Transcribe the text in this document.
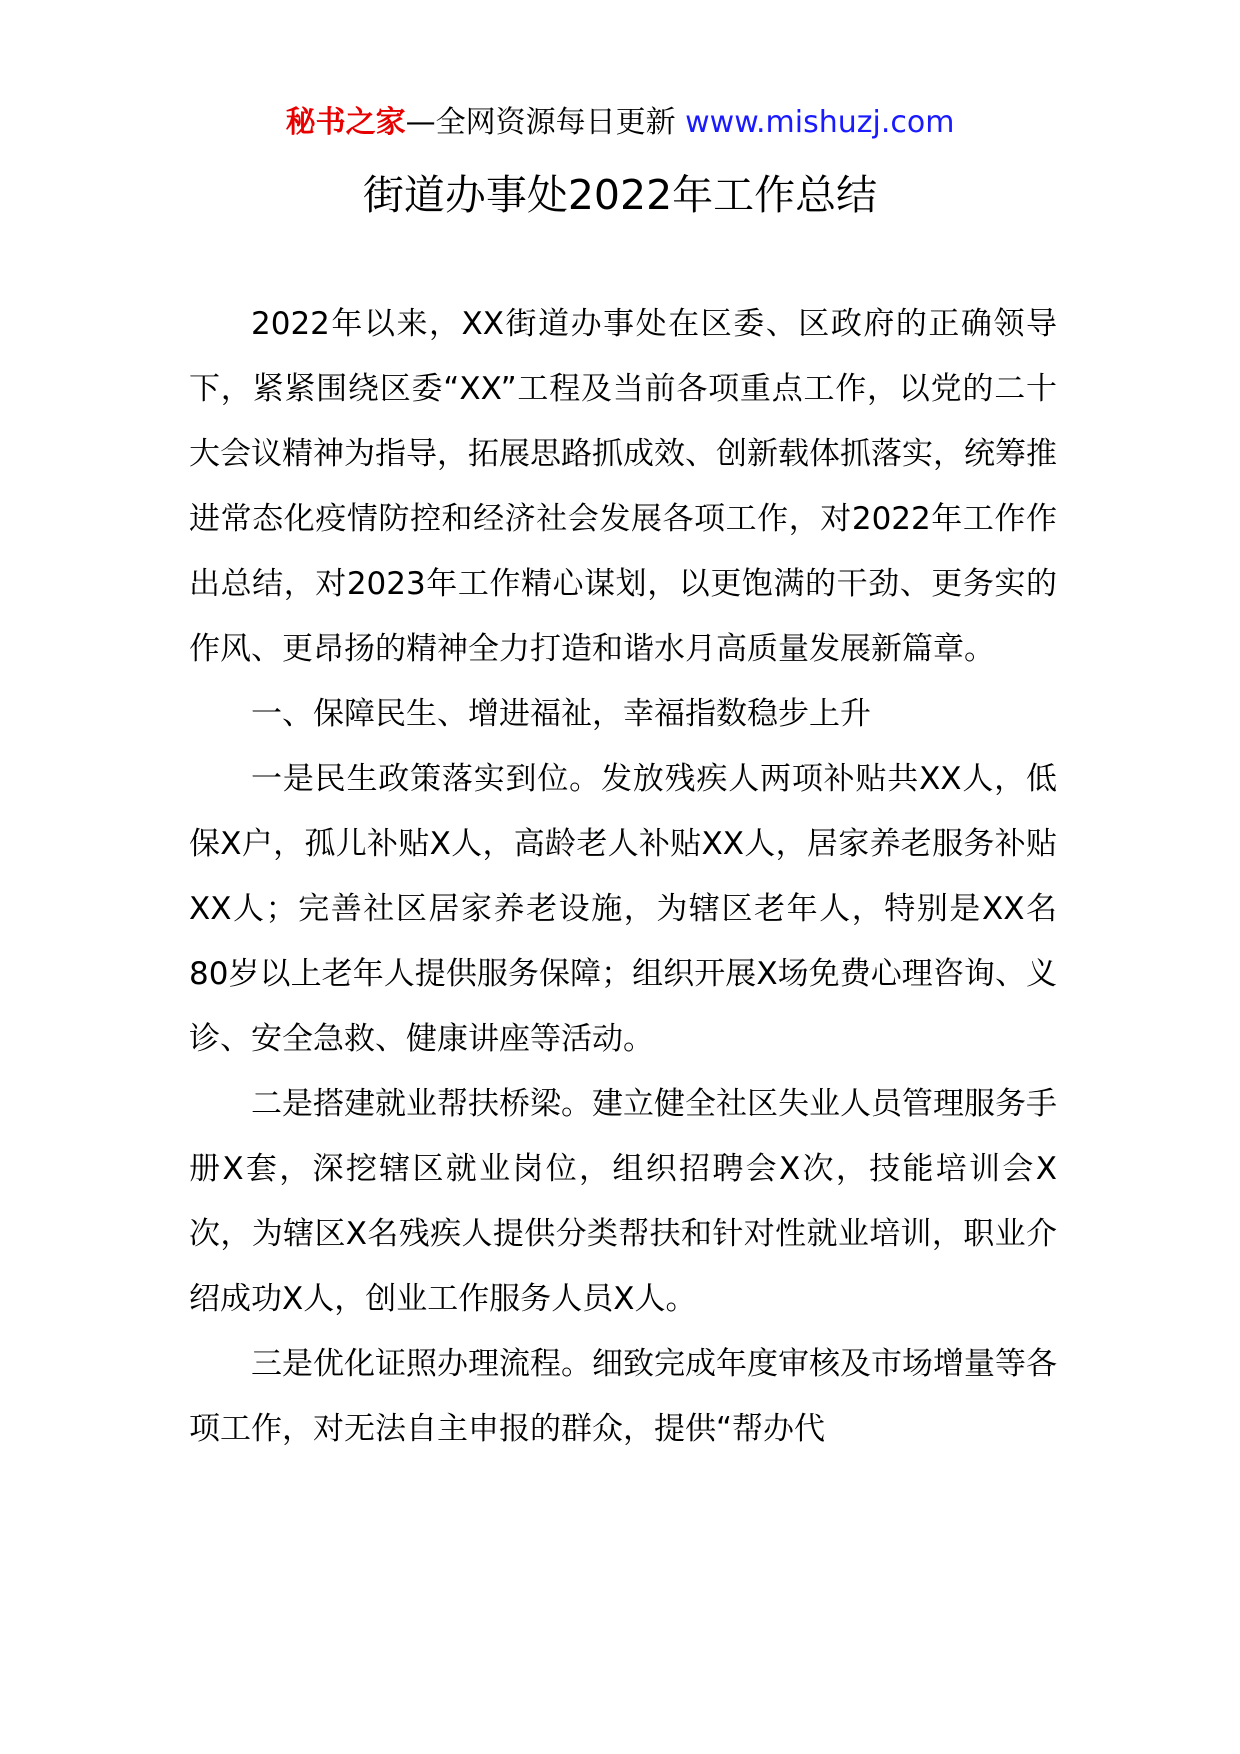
秘书之家—全网资源每日更新 www.mishuzj.com
街道办事处2022年工作总结

2022年以来，XX街道办事处在区委、区政府的正确领导下，紧紧围绕区委“XX”工程及当前各项重点工作，以党的二十大会议精神为指导，拓展思路抓成效、创新载体抓落实，统筹推进常态化疫情防控和经济社会发展各项工作，对2022年工作作出总结，对2023年工作精心谋划，以更饱满的干劲、更务实的作风、更昂扬的精神全力打造和谐水月高质量发展新篇章。

一、保障民生、增进福祉，幸福指数稳步上升

一是民生政策落实到位。发放残疾人两项补贴共XX人，低保X户，孤儿补贴X人，高龄老人补贴XX人，居家养老服务补贴XX人；完善社区居家养老设施，为辖区老年人，特别是XX名80岁以上老年人提供服务保障；组织开展X场免费心理咨询、义诊、安全急救、健康讲座等活动。

二是搭建就业帮扶桥梁。建立健全社区失业人员管理服务手册X套，深挖辖区就业岗位，组织招聘会X次，技能培训会X次，为辖区X名残疾人提供分类帮扶和针对性就业培训，职业介绍成功X人，创业工作服务人员X人。

三是优化证照办理流程。细致完成年度审核及市场增量等各项工作，对无法自主申报的群众，提供“帮办代
